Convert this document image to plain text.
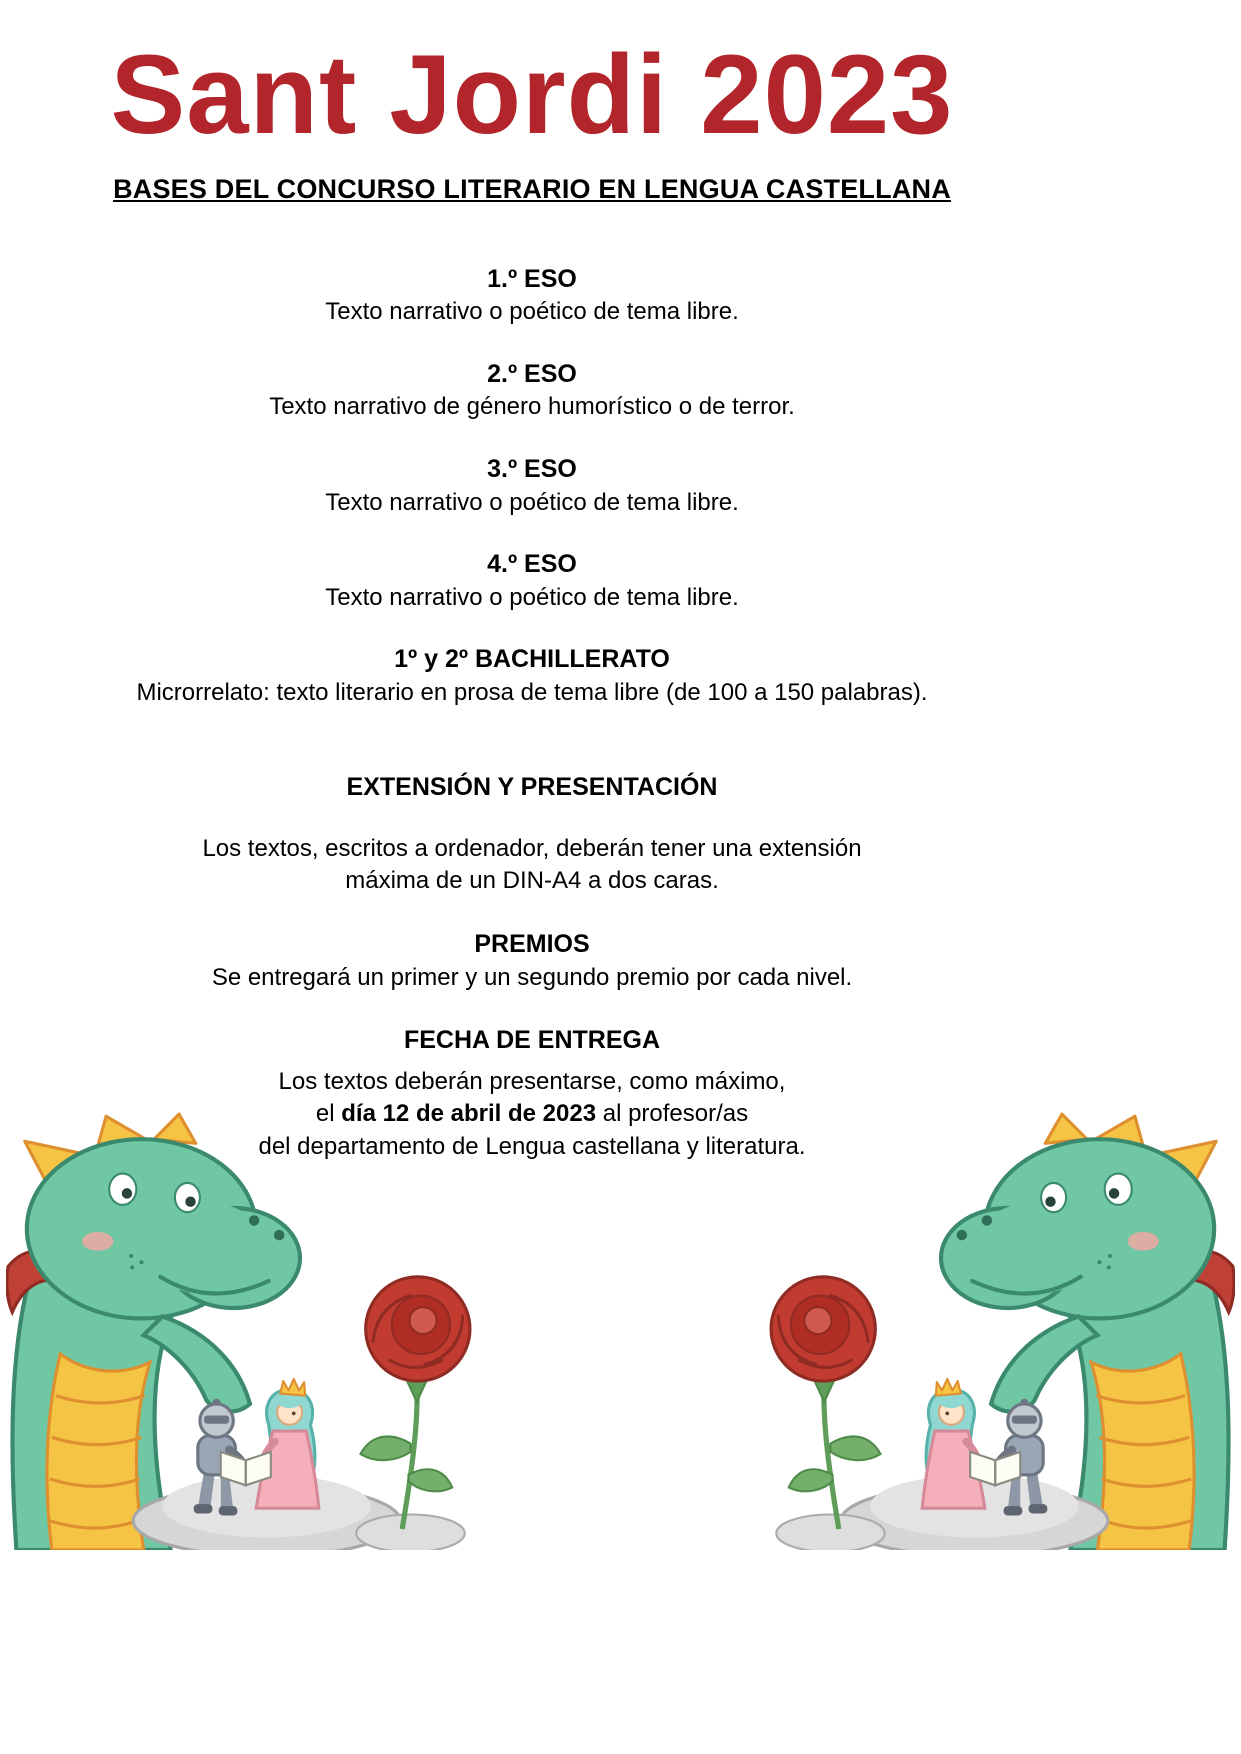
Sant Jordi 2023
BASES DEL CONCURSO LITERARIO EN LENGUA CASTELLANA
1.º ESO
Texto narrativo o poético de tema libre.
2.º ESO
Texto narrativo de género humorístico o de terror.
3.º ESO
Texto narrativo o poético de tema libre.
4.º ESO
Texto narrativo o poético de tema libre.
1º y 2º BACHILLERATO
Microrrelato: texto literario en prosa de tema libre (de 100 a 150 palabras).
EXTENSIÓN Y PRESENTACIÓN
Los textos, escritos a ordenador, deberán tener una extensión
máxima de un DIN-A4 a dos caras.
PREMIOS
Se entregará un primer y un segundo premio por cada nivel.
FECHA DE ENTREGA
Los textos deberán presentarse, como máximo,
el día 12 de abril de 2023 al profesor/as
del departamento de Lengua castellana y literatura.
